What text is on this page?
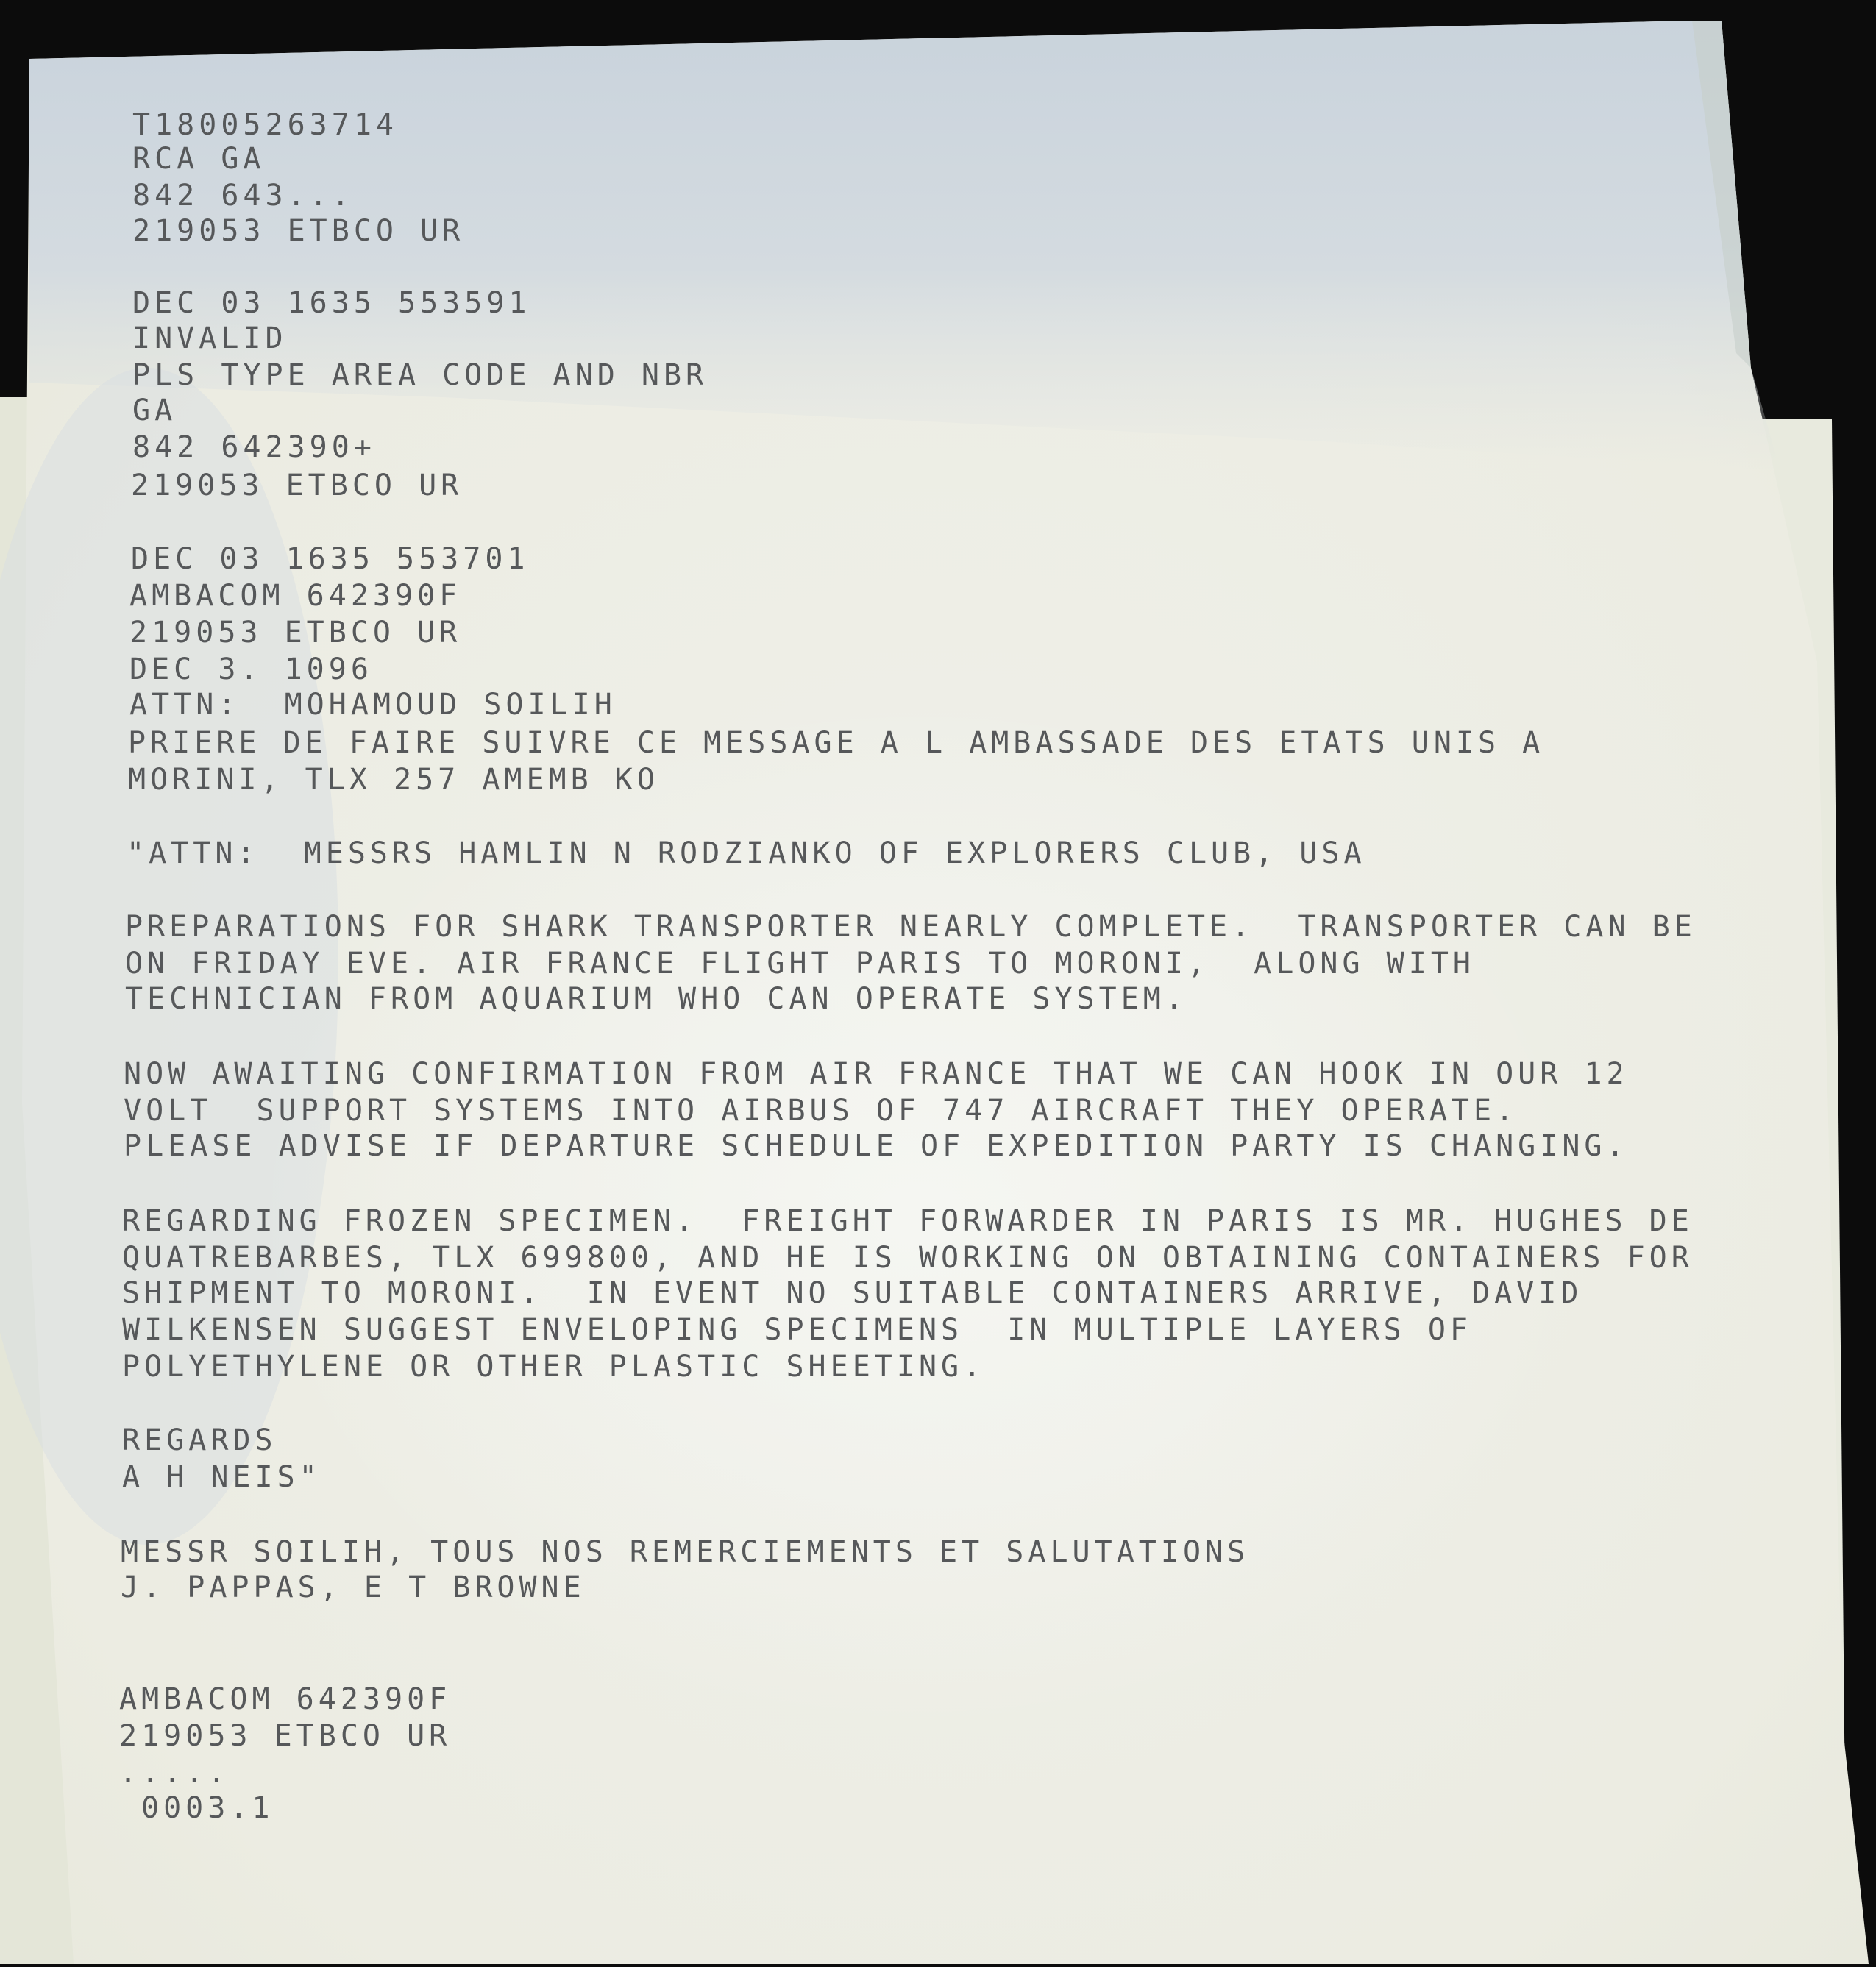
T18005263714

RCA GA

842 643...

219053 ETBCO UR

DEC 03 1635 553591

INVALID

PLS TYPE AREA CODE AND NBR

GA

842 642390+

219053 ETBCO UR

DEC 03 1635 553701

AMBACOM 642390F

219053 ETBCO UR

DEC 3. 1096

ATTN:  MOHAMOUD SOILIH

PRIERE DE FAIRE SUIVRE CE MESSAGE A L AMBASSADE DES ETATS UNIS A

MORINI, TLX 257 AMEMB KO

"ATTN:  MESSRS HAMLIN N RODZIANKO OF EXPLORERS CLUB, USA

PREPARATIONS FOR SHARK TRANSPORTER NEARLY COMPLETE.  TRANSPORTER CAN BE

ON FRIDAY EVE. AIR FRANCE FLIGHT PARIS TO MORONI,  ALONG WITH

TECHNICIAN FROM AQUARIUM WHO CAN OPERATE SYSTEM.

NOW AWAITING CONFIRMATION FROM AIR FRANCE THAT WE CAN HOOK IN OUR 12

VOLT  SUPPORT SYSTEMS INTO AIRBUS OF 747 AIRCRAFT THEY OPERATE.

PLEASE ADVISE IF DEPARTURE SCHEDULE OF EXPEDITION PARTY IS CHANGING.

REGARDING FROZEN SPECIMEN.  FREIGHT FORWARDER IN PARIS IS MR. HUGHES DE

QUATREBARBES, TLX 699800, AND HE IS WORKING ON OBTAINING CONTAINERS FOR

SHIPMENT TO MORONI.  IN EVENT NO SUITABLE CONTAINERS ARRIVE, DAVID

WILKENSEN SUGGEST ENVELOPING SPECIMENS  IN MULTIPLE LAYERS OF

POLYETHYLENE OR OTHER PLASTIC SHEETING.

REGARDS

A H NEIS"

MESSR SOILIH, TOUS NOS REMERCIEMENTS ET SALUTATIONS

J. PAPPAS, E T BROWNE

AMBACOM 642390F

219053 ETBCO UR

.....

0003.1
